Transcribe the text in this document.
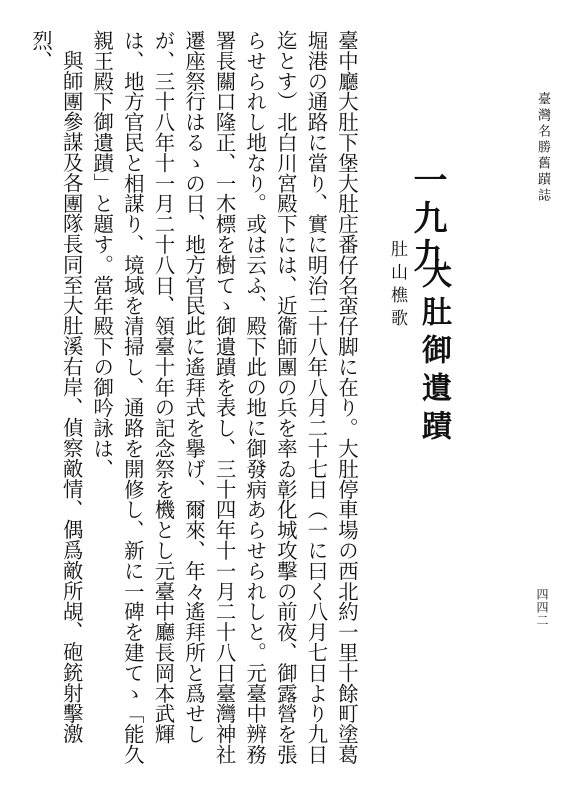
臺灣名勝舊蹟誌
四四二
一九九
大肚御遺蹟
肚山樵歌

臺中廳大肚下堡大肚庄番仔名蛮仔脚に在り。大肚停車場の西北約一里十餘町塗葛堀港の通路に當り、實に明治二十八年八月二十七日（一に曰く八月七日より九日迄とす）北白川宮殿下には、近衞師團の兵を率ゐ彰化城攻擊の前夜、御露營を張らせられし地なり。或は云ふ、殿下此の地に御發病あらせられしと。元臺中辨務署長關口隆正、一木標を樹てゝ御遺蹟を表し、三十四年十一月二十八日臺灣神社遷座祭行はるゝの日、地方官民此に遙拜式を擧げ、爾來、年々遙拜所と爲せしが、三十八年十一月二十八日、領臺十年の記念祭を機とし元臺中廳長岡本武輝は、地方官民と相謀り、境域を清掃し、通路を開修し、新に一碑を建てゝ「能久親王殿下御遺蹟」と題す。當年殿下の御吟詠は、

與師團參謀及各團隊長同至大肚溪右岸、偵察敵情、偶爲敵所覘、砲銃射擊激烈、
